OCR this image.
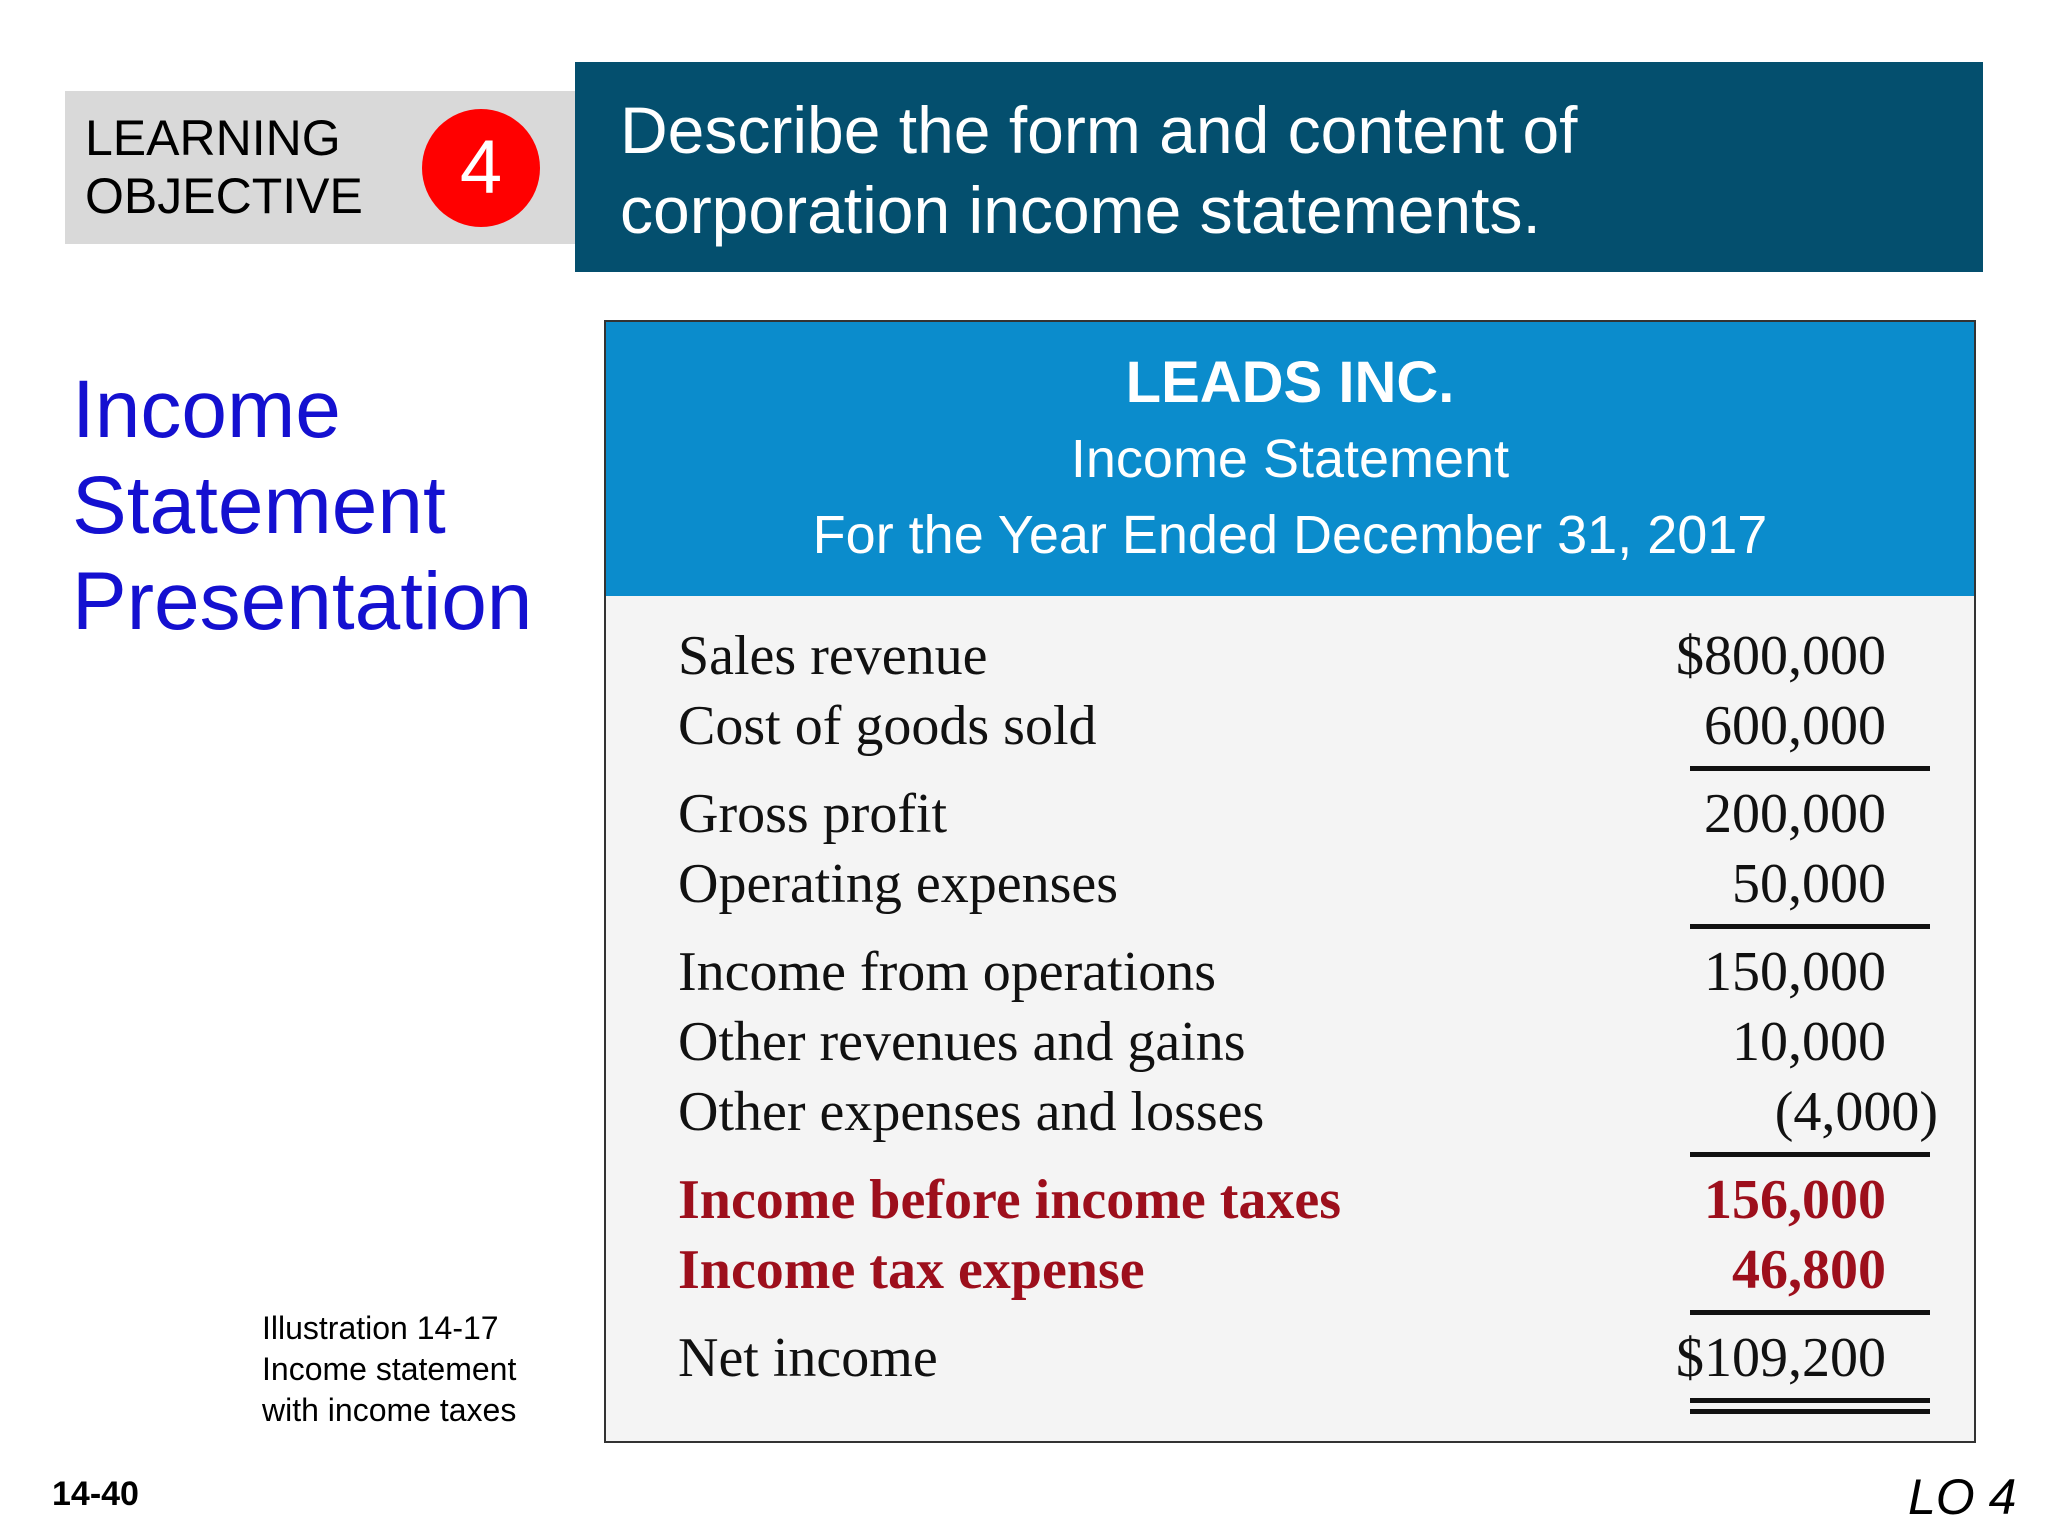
LEARNING
OBJECTIVE	4	Describe the form and content of
corporation income statements.
Income
Statement
Presentation
LEADS INC.
Income Statement
For the Year Ended December 31, 2017
Sales revenue	$800,000
Cost of goods sold	600,000
Gross profit	200,000
Operating expenses	50,000
Income from operations	150,000
Other revenues and gains	10,000
Other expenses and losses	(4,000)
Income before income taxes	156,000
Income tax expense	46,800
Net income	$109,200
Illustration 14-17
Income statement
with income taxes
14-40	LO 4
